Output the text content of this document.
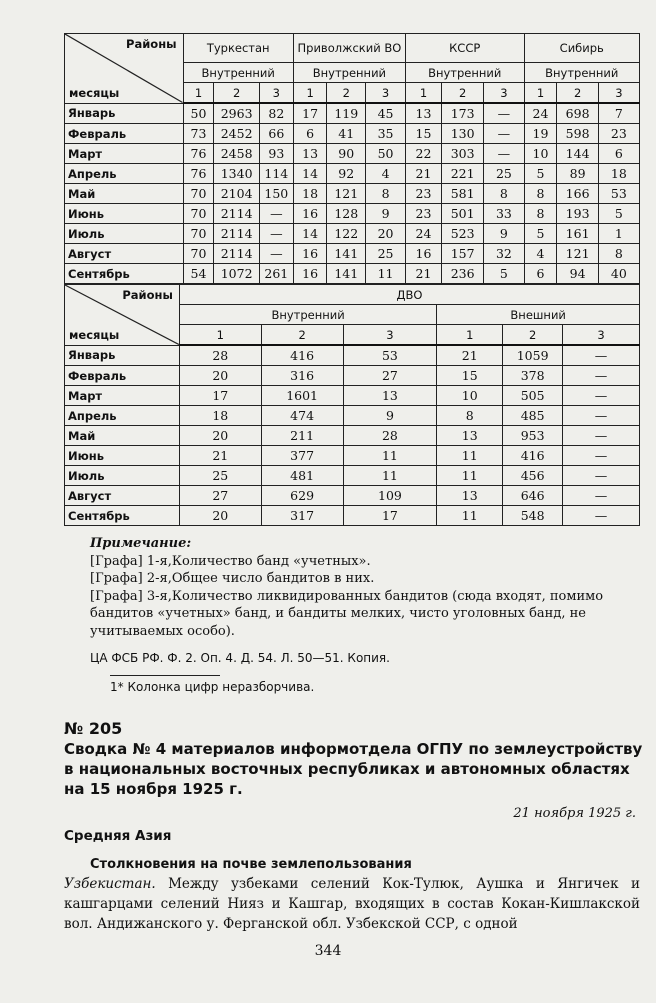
Районы
месяцы	Туркестан			Приволжский ВО			КССР			Сибирь		
	Внутренний			Внутренний			Внутренний			Внутренний		
	1	2	3	1	2	3	1	2	3	1	2	3
Январь	50	2963	82	17	119	45	13	173	—	24	698	7
Февраль	73	2452	66	6	41	35	15	130	—	19	598	23
Март	76	2458	93	13	90	50	22	303	—	10	144	6
Апрель	76	1340	114	14	92	4	21	221	25	5	89	18
Май	70	2104	150	18	121	8	23	581	8	8	166	53
Июнь	70	2114	—	16	128	9	23	501	33	8	193	5
Июль	70	2114	—	14	122	20	24	523	9	5	161	1
Август	70	2114	—	16	141	25	16	157	32	4	121	8
Сентябрь	54	1072	261	16	141	11	21	236	5	6	94	40
Районы
месяцы	ДВО					
	Внутренний			Внешний		
	1	2	3	1	2	3
Январь	28	416	53	21	1059	—
Февраль	20	316	27	15	378	—
Март	17	1601	13	10	505	—
Апрель	18	474	9	8	485	—
Май	20	211	28	13	953	—
Июнь	21	377	11	11	416	—
Июль	25	481	11	11	456	—
Август	27	629	109	13	646	—
Сентябрь	20	317	17	11	548	—
Примечание:
[Графа] 1-я,Количество банд «учетных».
[Графа] 2-я,Общее число бандитов в них.
[Графа] 3-я,Количество ликвидированных бандитов (сюда входят, помимо бандитов «учетных» банд, и бандиты мелких, чисто уголовных банд, не учитываемых особо).
ЦА ФСБ РФ. Ф. 2. Оп. 4. Д. 54. Л. 50—51. Копия.
1* Колонка цифр неразборчива.
№ 205
Сводка № 4 материалов информотдела ОГПУ по землеустройству в национальных восточных республиках и автономных областях на 15 ноября 1925 г.
21 ноября 1925 г.
Средняя Азия
Столкновения на почве землепользования
Узбекистан. Между узбеками селений Кок-Тулюк, Аушка и Янгичек и кашгарцами селений Нияз и Кашгар, входящих в состав Кокан-Кишлакской вол. Андижанского у. Ферганской обл. Узбекской ССР, с одной
344
